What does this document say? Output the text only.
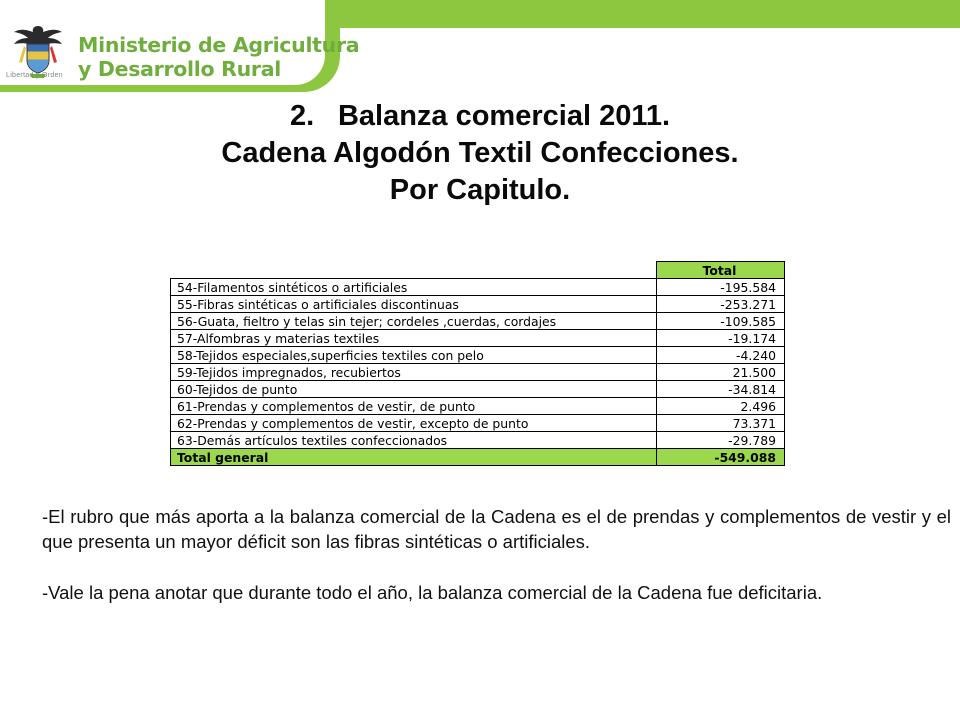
Libertad y Orden
Ministerio de Agricultura
y Desarrollo Rural
2. Balanza comercial 2011.
Cadena Algodón Textil Confecciones.
Por Capitulo.
	Total
54-Filamentos sintéticos o artificiales	-195.584
55-Fibras sintéticas o artificiales discontinuas	-253.271
56-Guata, fieltro y telas sin tejer; cordeles ,cuerdas, cordajes	-109.585
57-Alfombras y materias textiles	-19.174
58-Tejidos especiales,superficies textiles con pelo	-4.240
59-Tejidos impregnados, recubiertos	21.500
60-Tejidos de punto	-34.814
61-Prendas y complementos de vestir, de punto	2.496
62-Prendas y complementos de vestir, excepto de punto	73.371
63-Demás artículos textiles confeccionados	-29.789
Total general	-549.088

-El rubro que más aporta a la balanza comercial de la Cadena es el de prendas y complementos de vestir y el que presenta un mayor déficit son las fibras sintéticas o artificiales.

-Vale la pena anotar que durante todo el año, la balanza comercial de la Cadena fue deficitaria.
